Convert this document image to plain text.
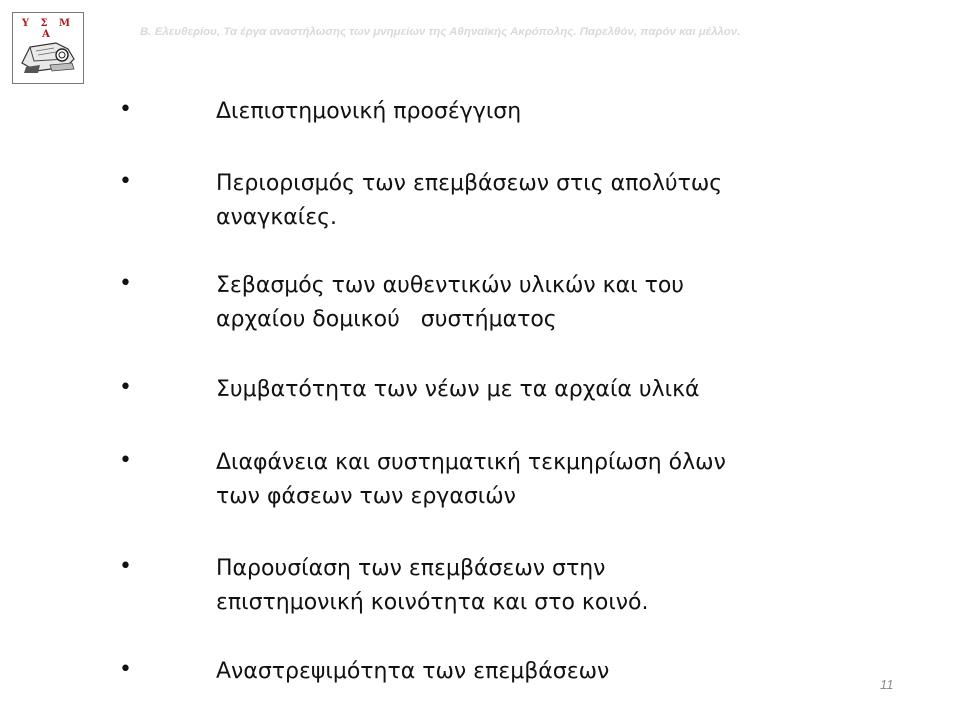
Υ Σ Μ Α	Β. Ελευθερίου, Τα έργα αναστήλωσης των μνημείων της Αθηναϊκής Ακρόπολης. Παρελθόν, παρόν και μέλλον.
•	Διεπιστημονική προσέγγιση
•	Περιορισμός των επεμβάσεων στις απολύτως
αναγκαίες.
•	Σεβασμός των αυθεντικών υλικών και του
αρχαίου δομικού   συστήματος
•	Συμβατότητα των νέων με τα αρχαία υλικά
•	Διαφάνεια και συστηματική τεκμηρίωση όλων
των φάσεων των εργασιών
•	Παρουσίαση των επεμβάσεων στην
επιστημονική κοινότητα και στο κοινό.
•	Αναστρεψιμότητα των επεμβάσεων
11
